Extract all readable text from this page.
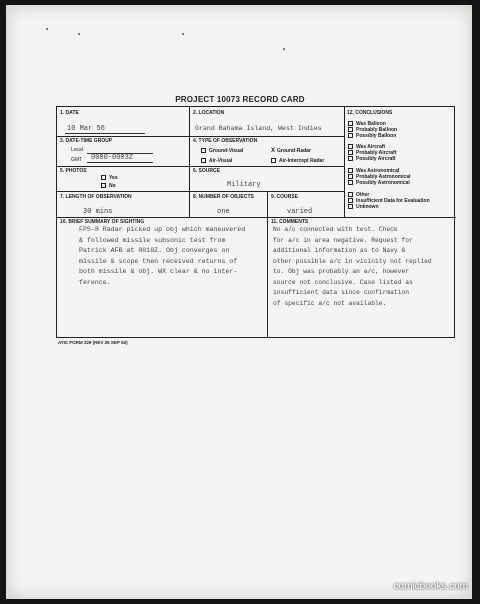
PROJECT 10073 RECORD CARD
1. DATE
10 Mar 56
2. LOCATION
Grand Bahama Island, West Indies
3. DATE-TIME GROUP
Local
GMT 0000-0003Z
4. TYPE OF OBSERVATION
Ground-Visual	X Ground-Radar
Air-Visual	Air-Intercept Radar
5. PHOTOS
Yes
No
6. SOURCE
Military
7. LENGTH OF OBSERVATION
30 mins
8. NUMBER OF OBJECTS
one
9. COURSE
varied
10. BRIEF SUMMARY OF SIGHTING
FPS-8 Radar picked up obj which maneuvered
& followed missile subsonic test from
Patrick AFB at 0018Z. Obj converges on
missile & scope then received returns of
both missile & obj. WX clear & no inter-
ference.
11. COMMENTS
No a/c connected with test. Check
for a/c in area negative. Request for
additional information as to Navy &
other possible a/c in vicinity not replied
to. Obj was probably an a/c, however
source not conclusive. Case listed as
insufficient data since confirmation
of specific a/c not available.
12. CONCLUSIONS
Was Balloon
Probably Balloon
Possibly Balloon
Was Aircraft
Probably Aircraft
Possibly Aircraft
Was Astronomical
Probably Astronomical
Possibly Astronomical
Other
Insufficient Data for Evaluation
Unknown
ATIC FORM 329 (REV 26 SEP 52)
comicbooks.com
